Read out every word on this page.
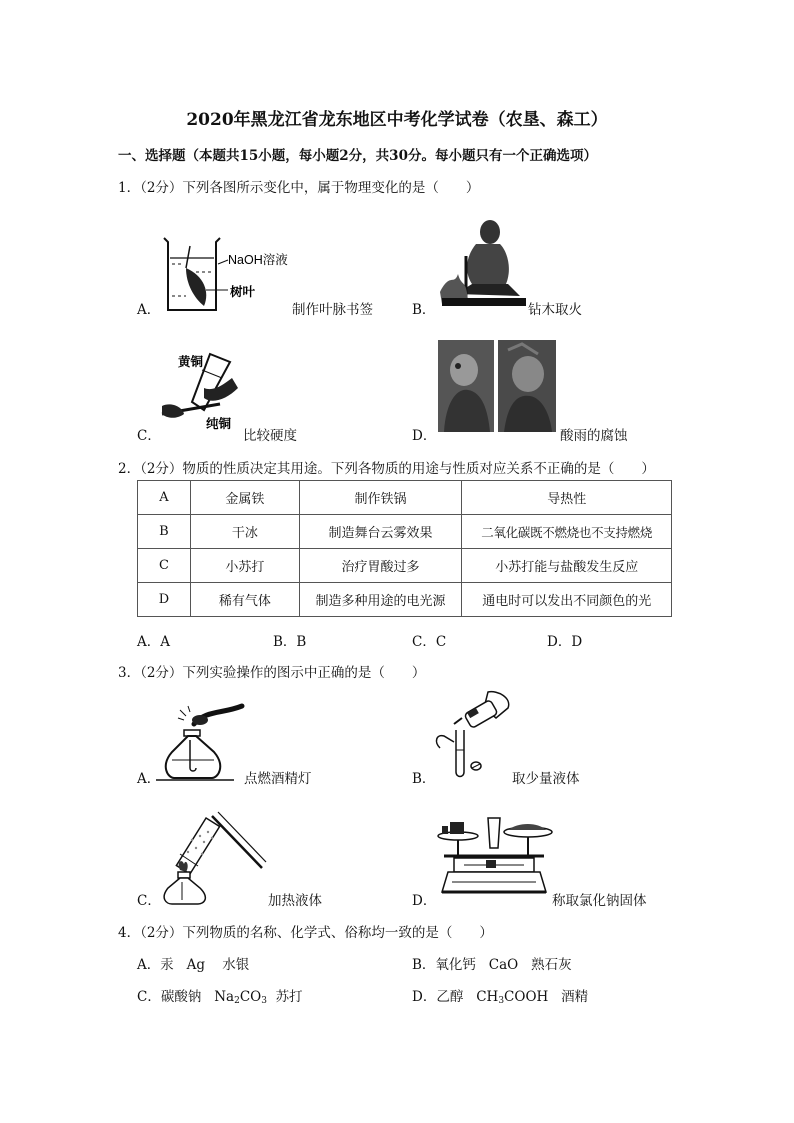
2020年黑龙江省龙东地区中考化学试卷（农垦、森工）
一、选择题（本题共15小题，每小题2分，共30分。每小题只有一个正确选项）
1．（2分）下列各图所示变化中，属于物理变化的是（　　）
NaOH溶液
树叶
A．	制作叶脉书签	B．	钻木取火
黄铜
纯铜
C．	比较硬度	D．	酸雨的腐蚀
2．（2分）物质的性质决定其用途。下列各物质的用途与性质对应关系不正确的是（　　）
A	金属铁	制作铁锅	导热性
B	干冰	制造舞台云雾效果	二氧化碳既不燃烧也不支持燃烧
C	小苏打	治疗胃酸过多	小苏打能与盐酸发生反应
D	稀有气体	制造多种用途的电光源	通电时可以发出不同颜色的光
A．A	B．B	C．C	D．D
3．（2分）下列实验操作的图示中正确的是（　　）
A．	点燃酒精灯	B．	取少量液体
C．	加热液体	D．	称取氯化钠固体
4．（2分）下列物质的名称、化学式、俗称均一致的是（　　）
A．汞 Ag 水银	B．氧化钙 CaO 熟石灰
C．碳酸钠 $Na_2CO_3$ 苏打	D．乙醇 $CH_3COOH$ 酒精
